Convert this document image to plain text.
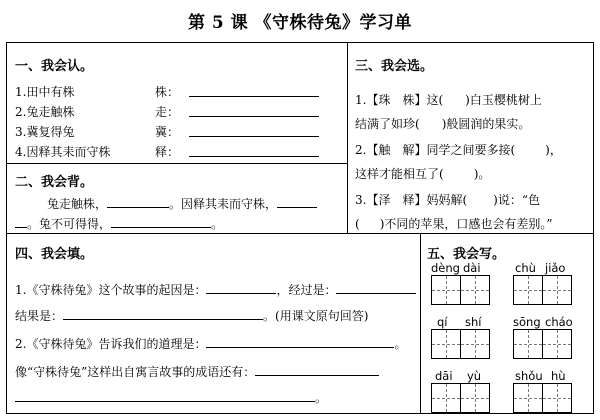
第 5 课 《守株待兔》学习单
一、我会认。
1.田中有株	株：
2.兔走触株	走：
3.冀复得兔	冀：
4.因释其耒而守株	释：
二、我会背。
兔走触株，	。因释其耒而守株，
。兔不可得得，	。
三、我会选。
1.【珠　株】这( )白玉樱桃树上
结满了如珍( )般圆润的果实。
2.【触　解】同学之间要多接(	)，
这样才能相互了(	)。
3.【泽　释】妈妈解( )说：“色
( )不同的苹果，口感也会有差别。”
四、我会填。
1.《守株待兔》这个故事的起因是：	，经过是：
结果是：	。(用课文原句回答)
2.《守株待兔》告诉我们的道理是：	。
像“守株待兔”这样出自寓言故事的成语还有：
。
五、我会写。
dèng dài	chù jiǎo
qí shí	sōng cháo
dāi yù	shǒu hù
